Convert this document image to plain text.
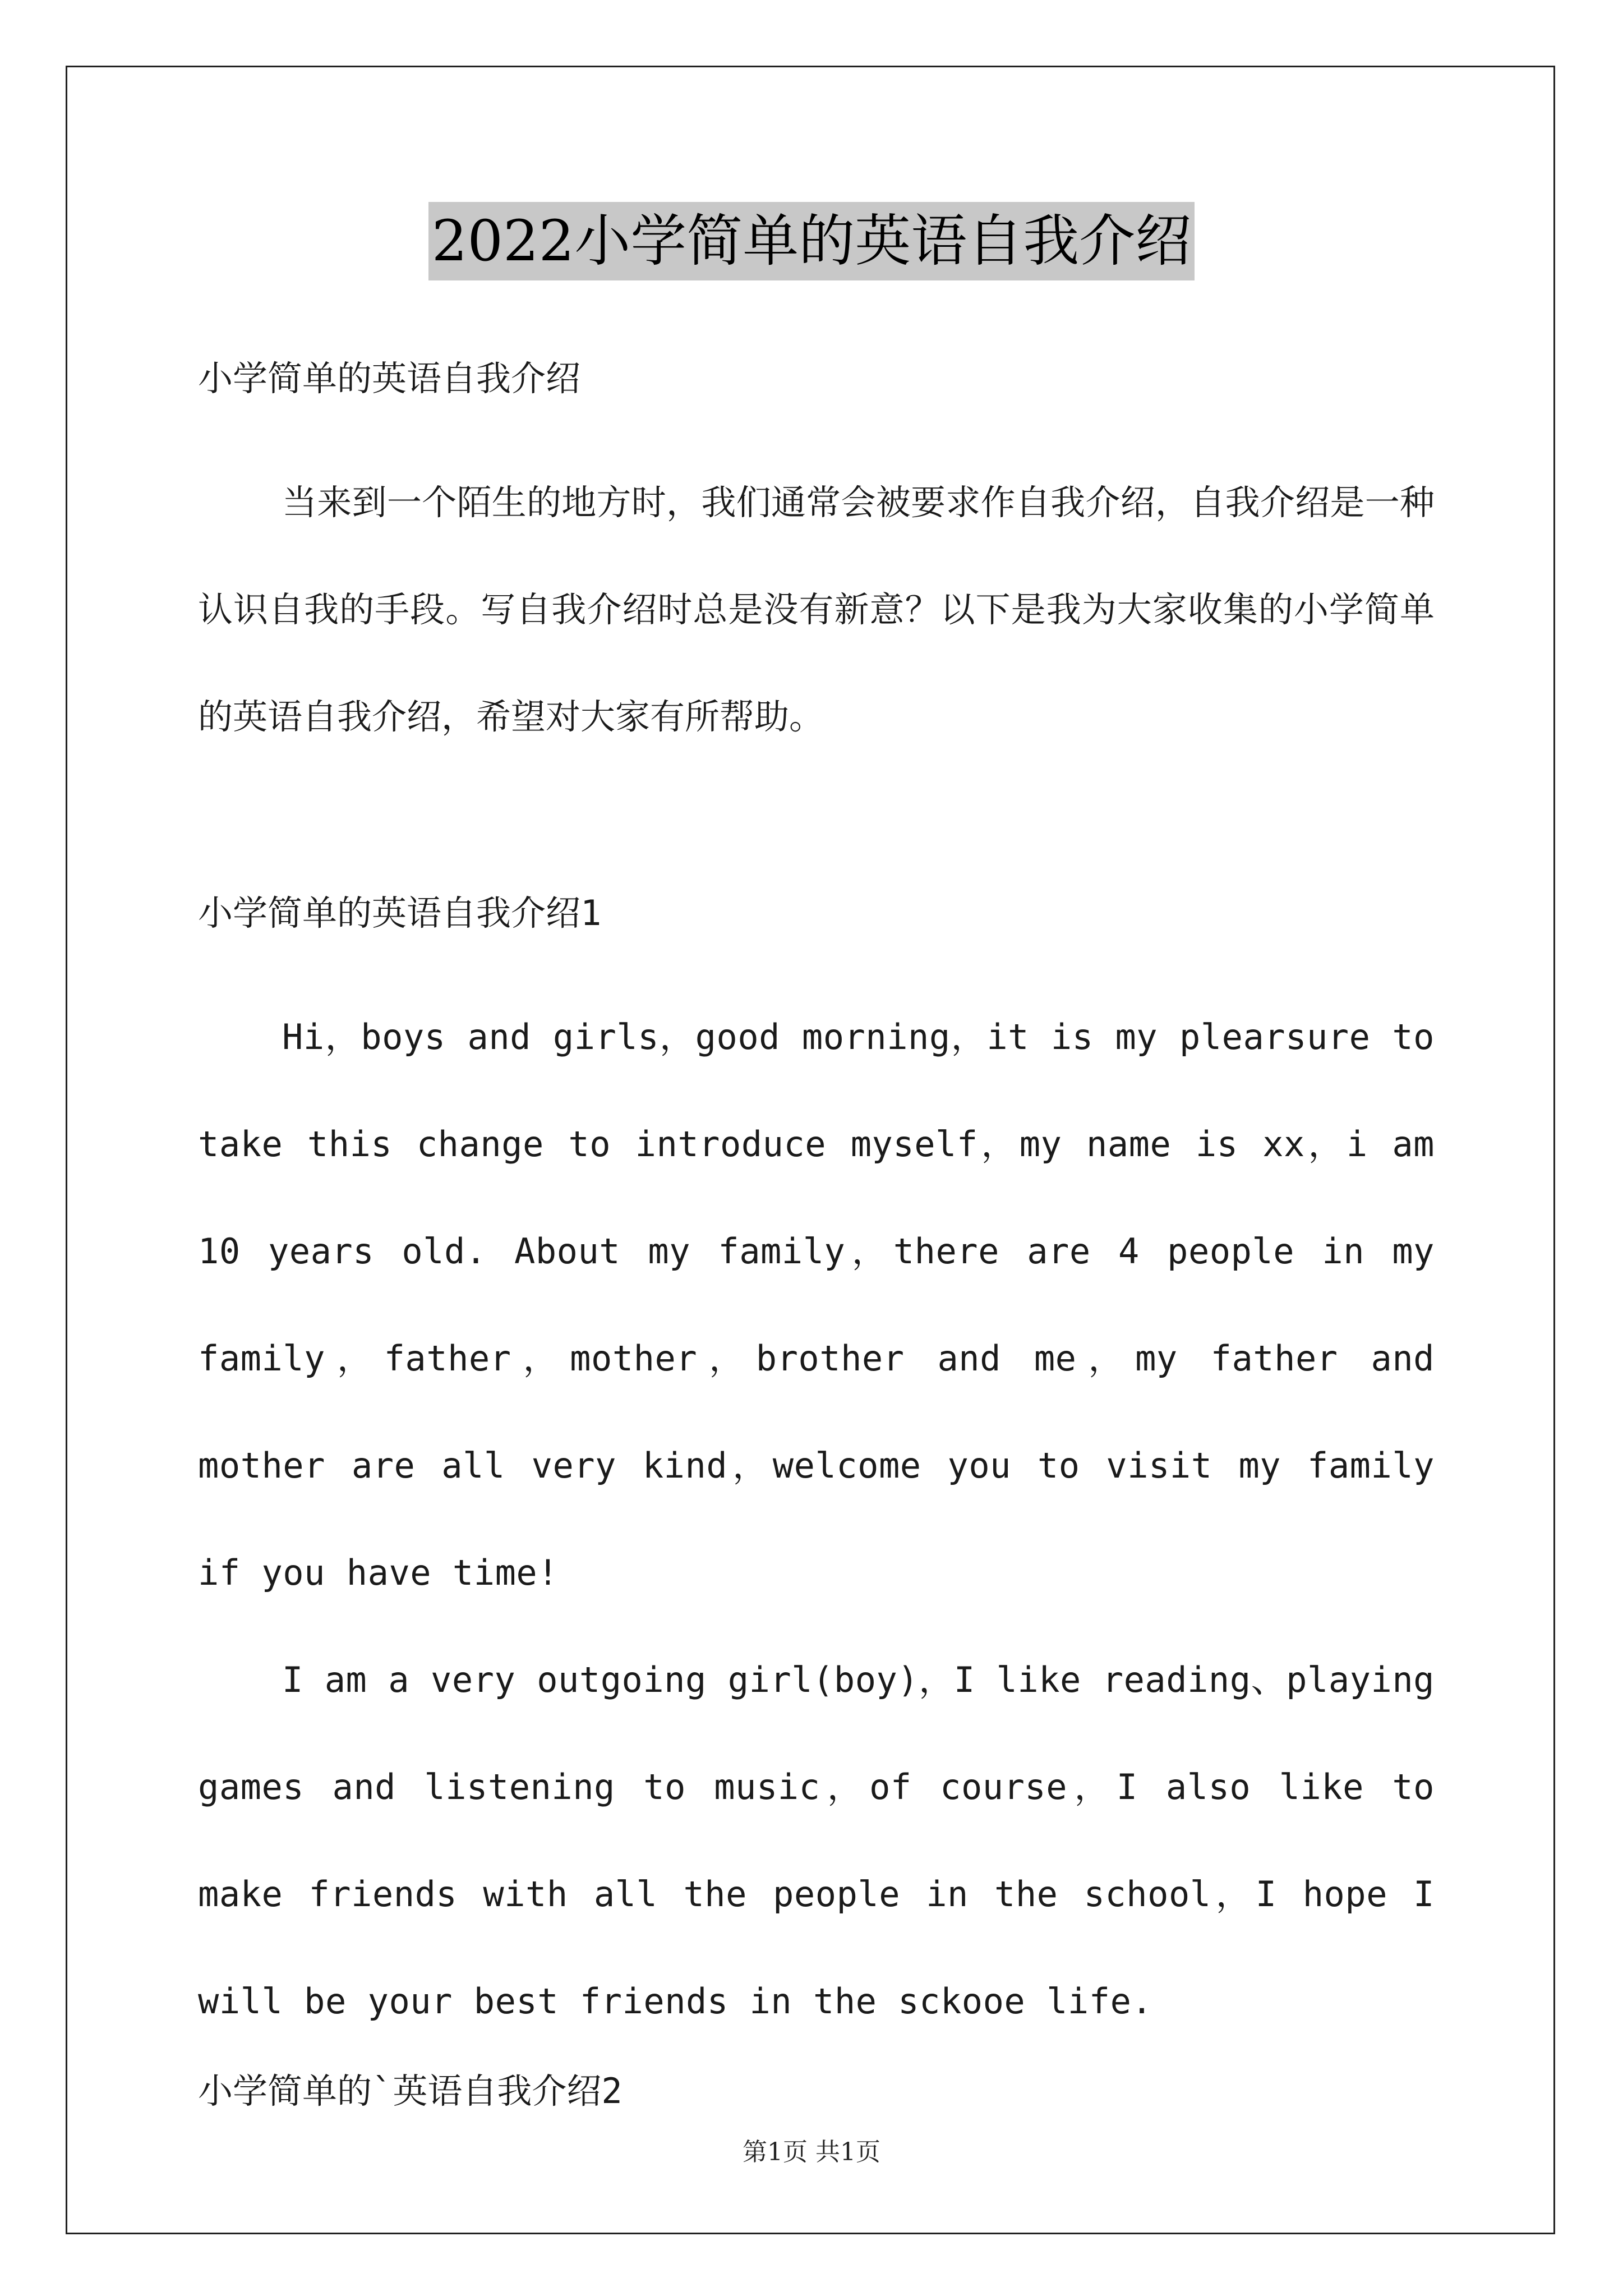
2022小学简单的英语自我介绍

小学简单的英语自我介绍

当来到一个陌生的地方时，我们通常会被要求作自我介绍，自我介绍是一种认识自我的手段。写自我介绍时总是没有新意？以下是我为大家收集的小学简单的英语自我介绍，希望对大家有所帮助。

小学简单的英语自我介绍1

Hi，boys and girls，good morning，it is my plearsure to take this change to introduce myself，my name is xx，i am 10 years old. About my family，there are 4 people in my family，father，mother，brother and me，my father and mother are all very kind，welcome you to visit my family if you have time!

I am a very outgoing girl(boy)，I like reading、playing games and listening to music，of course，I also like to make friends with all the people in the school，I hope I will be your best friends in the sckooe life.

小学简单的`英语自我介绍2

第1页 共1页
